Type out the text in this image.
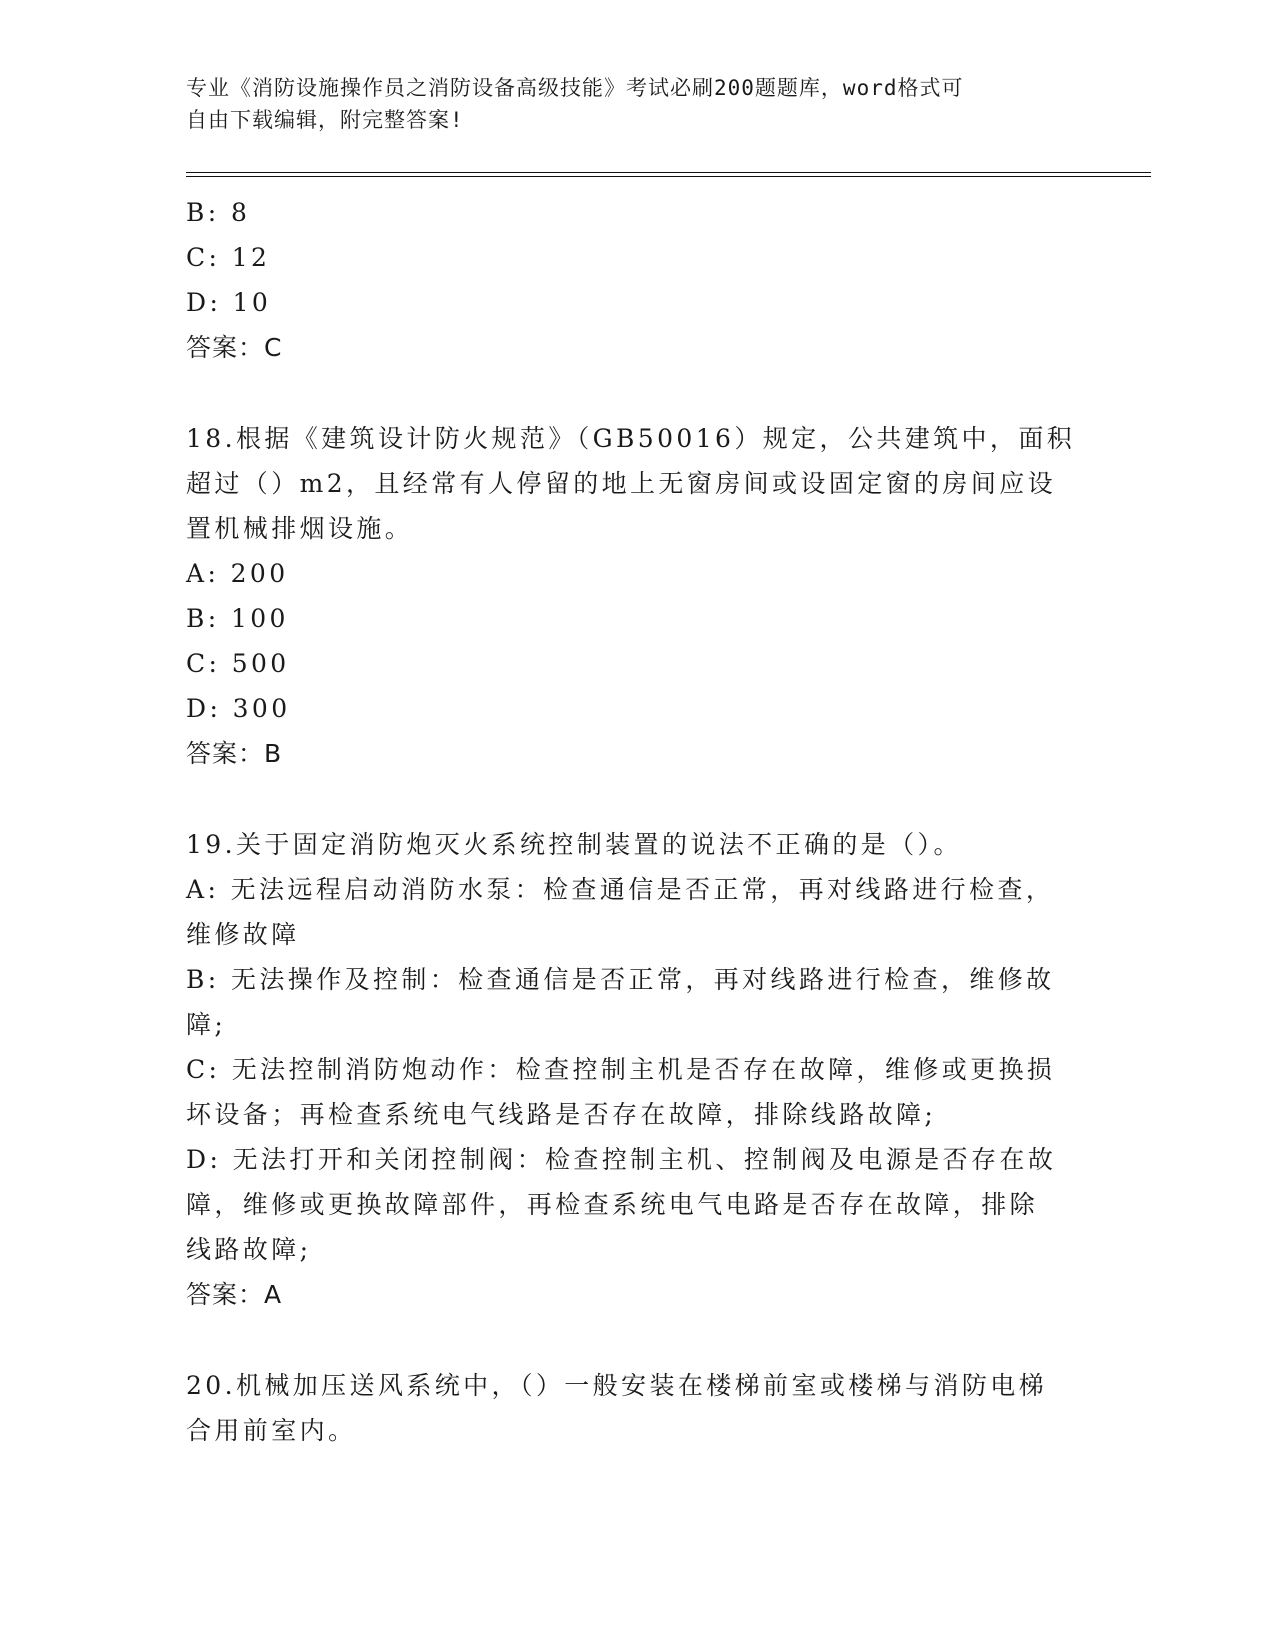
专业《消防设施操作员之消防设备高级技能》考试必刷200题题库，word格式可
自由下载编辑，附完整答案!
B: 8
C: 12
D: 10
答案：C
18.根据《建筑设计防火规范》（GB50016）规定，公共建筑中，面积
超过（）m2，且经常有人停留的地上无窗房间或设固定窗的房间应设
置机械排烟设施。
A: 200
B: 100
C: 500
D: 300
答案：B
19.关于固定消防炮灭火系统控制装置的说法不正确的是（）。
A: 无法远程启动消防水泵：检查通信是否正常，再对线路进行检查，
维修故障
B: 无法操作及控制：检查通信是否正常，再对线路进行检查，维修故
障;
C: 无法控制消防炮动作：检查控制主机是否存在故障，维修或更换损
坏设备；再检查系统电气线路是否存在故障，排除线路故障;
D: 无法打开和关闭控制阀：检查控制主机、控制阀及电源是否存在故
障，维修或更换故障部件，再检查系统电气电路是否存在故障，排除
线路故障;
答案：A
20.机械加压送风系统中，（）一般安装在楼梯前室或楼梯与消防电梯
合用前室内。
